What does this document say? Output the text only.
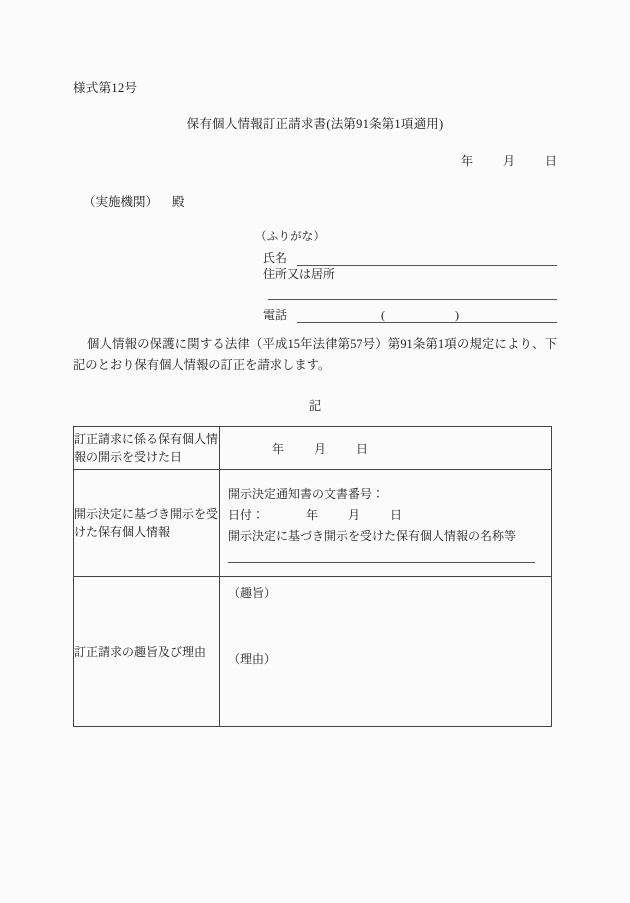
様式第12号
保有個人情報訂正請求書(法第91条第1項適用)
年	月	日
（実施機関） 殿
（ふりがな）
氏名
住所又は居所
電話	(	)
個人情報の保護に関する法律（平成15年法律第57号）第91条第1項の規定により、下記のとおり保有個人情報の訂正を請求します。
記
訂正請求に係る保有個人情報の開示を受けた日	年 月 日
開示決定に基づき開示を受けた保有個人情報	開示決定通知書の文書番号：
日付： 年 月 日
開示決定に基づき開示を受けた保有個人情報の名称等

訂正請求の趣旨及び理由	（趣旨）
（理由）
